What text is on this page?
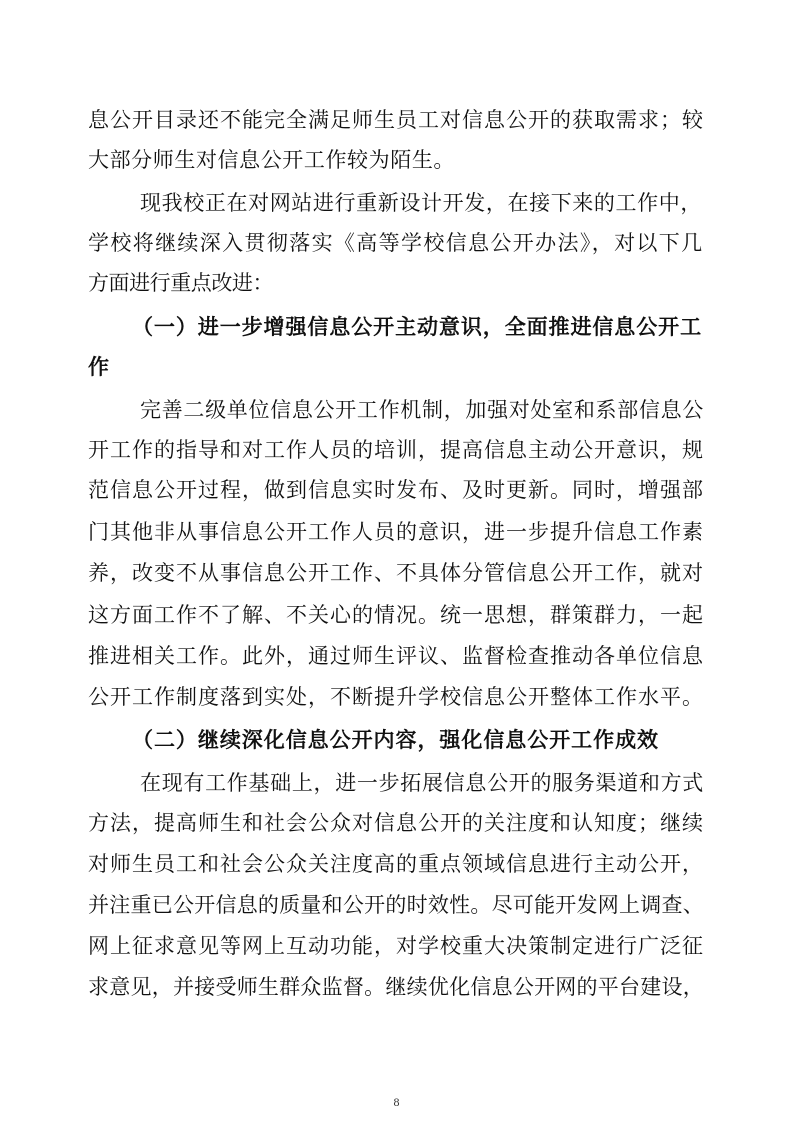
息公开目录还不能完全满足师生员工对信息公开的获取需求；较
大部分师生对信息公开工作较为陌生。
现我校正在对网站进行重新设计开发，在接下来的工作中，
学校将继续深入贯彻落实《高等学校信息公开办法》，对以下几
方面进行重点改进：
（一）进一步增强信息公开主动意识，全面推进信息公开工
作
完善二级单位信息公开工作机制，加强对处室和系部信息公
开工作的指导和对工作人员的培训，提高信息主动公开意识，规
范信息公开过程，做到信息实时发布、及时更新。同时，增强部
门其他非从事信息公开工作人员的意识，进一步提升信息工作素
养，改变不从事信息公开工作、不具体分管信息公开工作，就对
这方面工作不了解、不关心的情况。统一思想，群策群力，一起
推进相关工作。此外，通过师生评议、监督检查推动各单位信息
公开工作制度落到实处，不断提升学校信息公开整体工作水平。
（二）继续深化信息公开内容，强化信息公开工作成效
在现有工作基础上，进一步拓展信息公开的服务渠道和方式
方法，提高师生和社会公众对信息公开的关注度和认知度；继续
对师生员工和社会公众关注度高的重点领域信息进行主动公开，
并注重已公开信息的质量和公开的时效性。尽可能开发网上调查、
网上征求意见等网上互动功能，对学校重大决策制定进行广泛征
求意见，并接受师生群众监督。继续优化信息公开网的平台建设，
8
